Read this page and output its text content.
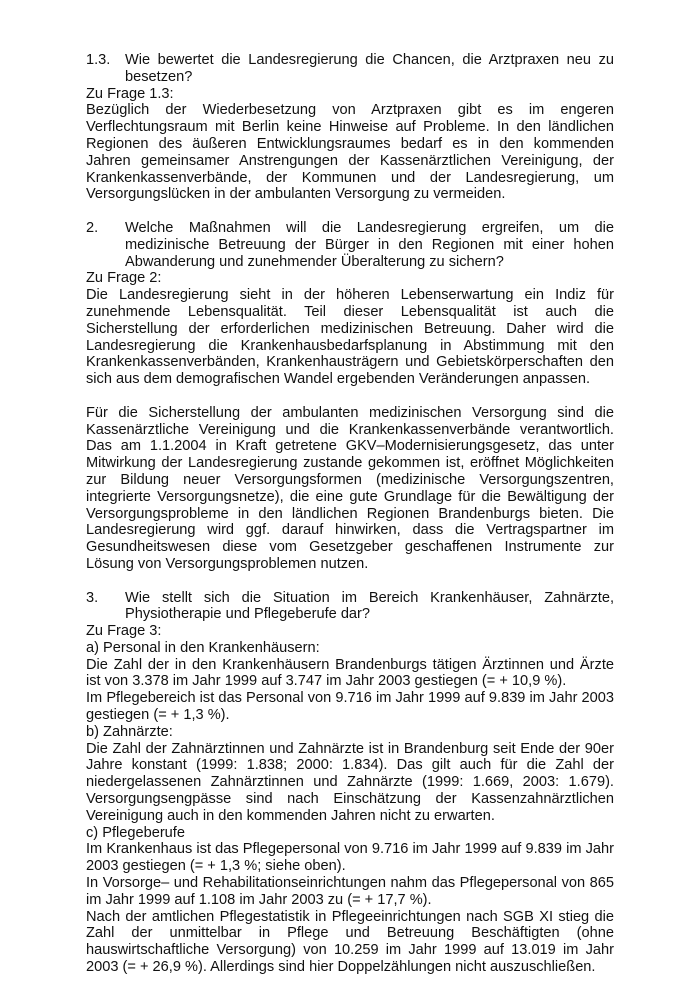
1.3.	Wie bewertet die Landesregierung die Chancen, die Arztpraxen neu zu besetzen?

Zu Frage 1.3:

Bezüglich der Wiederbesetzung von Arztpraxen gibt es im engeren Verflechtungsraum mit Berlin keine Hinweise auf Probleme. In den ländlichen Regionen des äußeren Entwicklungsraumes bedarf es in den kommenden Jahren gemeinsamer Anstrengungen der Kassenärztlichen Vereinigung, der Krankenkassenverbände, der Kommunen und der Landesregierung, um Versorgungslücken in der ambulanten Versorgung zu vermeiden.

2.	Welche Maßnahmen will die Landesregierung ergreifen, um die medizinische Betreuung der Bürger in den Regionen mit einer hohen Abwanderung und zunehmender Überalterung zu sichern?

Zu Frage 2:

Die Landesregierung sieht in der höheren Lebenserwartung ein Indiz für zunehmende Lebensqualität. Teil dieser Lebensqualität ist auch die Sicherstellung der erforderlichen medizinischen Betreuung. Daher wird die Landesregierung die Krankenhausbedarfsplanung in Abstimmung mit den Krankenkassenverbänden, Krankenhausträgern und Gebietskörperschaften den sich aus dem demografischen Wandel ergebenden Veränderungen anpassen.

Für die Sicherstellung der ambulanten medizinischen Versorgung sind die Kassenärztliche Vereinigung und die Krankenkassenverbände verantwortlich. Das am 1.1.2004 in Kraft getretene GKV–Modernisierungsgesetz, das unter Mitwirkung der Landesregierung zustande gekommen ist, eröffnet Möglichkeiten zur Bildung neuer Versorgungsformen (medizinische Versorgungszentren, integrierte Versorgungsnetze), die eine gute Grundlage für die Bewältigung der Versorgungsprobleme in den ländlichen Regionen Brandenburgs bieten. Die Landesregierung wird ggf. darauf hinwirken, dass die Vertragspartner im Gesundheitswesen diese vom Gesetzgeber geschaffenen Instrumente zur Lösung von Versorgungsproblemen nutzen.

3.	Wie stellt sich die Situation im Bereich Krankenhäuser, Zahnärzte, Physiotherapie und Pflegeberufe dar?

Zu Frage 3:

a) Personal in den Krankenhäusern:

Die Zahl der in den Krankenhäusern Brandenburgs tätigen Ärztinnen und Ärzte ist von 3.378 im Jahr 1999 auf 3.747 im Jahr 2003 gestiegen (= + 10,9 %).

Im Pflegebereich ist das Personal von 9.716 im Jahr 1999 auf 9.839 im Jahr 2003 gestiegen (= + 1,3 %).

b) Zahnärzte:

Die Zahl der Zahnärztinnen und Zahnärzte ist in Brandenburg seit Ende der 90er Jahre konstant (1999: 1.838; 2000: 1.834). Das gilt auch für die Zahl der niedergelassenen Zahnärztinnen und Zahnärzte (1999: 1.669, 2003: 1.679). Versorgungsengpässe sind nach Einschätzung der Kassenzahnärztlichen Vereinigung auch in den kommenden Jahren nicht zu erwarten.

c) Pflegeberufe

Im Krankenhaus ist das Pflegepersonal von 9.716 im Jahr 1999 auf 9.839 im Jahr 2003 gestiegen (= + 1,3 %; siehe oben).

In Vorsorge– und Rehabilitationseinrichtungen nahm das Pflegepersonal von 865 im Jahr 1999 auf 1.108 im Jahr 2003 zu (= + 17,7 %).

Nach der amtlichen Pflegestatistik in Pflegeeinrichtungen nach SGB XI stieg die Zahl der unmittelbar in Pflege und Betreuung Beschäftigten (ohne hauswirtschaftliche Versorgung) von 10.259 im Jahr 1999 auf 13.019 im Jahr 2003 (= + 26,9 %). Allerdings sind hier Doppelzählungen nicht auszuschließen.
